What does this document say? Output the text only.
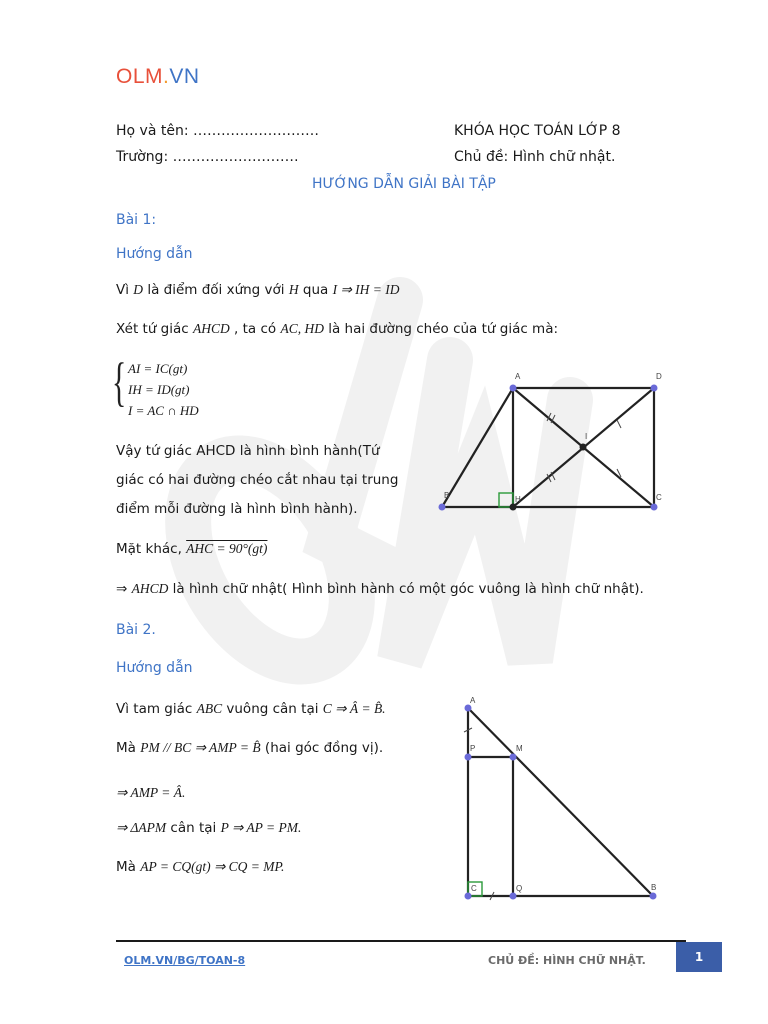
OLM.VN
Họ và tên: ………………………
Trường: ………………………
KHÓA HỌC TOÁN LỚP 8
Chủ đề: Hình chữ nhật.
HƯỚNG DẪN GIẢI BÀI TẬP
Bài 1:
Hướng dẫn
Vì D là điểm đối xứng với H qua I ⇒ IH = ID
Xét tứ giác AHCD , ta có AC, HD là hai đường chéo của tứ giác mà:
{ AI = IC(gt)
IH = ID(gt)
I = AC ∩ HD
Vậy tứ giác AHCD là hình bình hành(Tứ
giác có hai đường chéo cắt nhau tại trung
điểm mỗi đường là hình bình hành).
Mặt khác, AHC = 90°(gt)
⇒ AHCD là hình chữ nhật( Hình bình hành có một góc vuông là hình chữ nhật).
A	D
B	H	C
I
Bài 2.
Hướng dẫn
Vì tam giác ABC vuông cân tại C ⇒ Â = B̂.
Mà PM // BC ⇒ AMP = B̂ (hai góc đồng vị).
⇒ AMP = Â.
⇒ ΔAPM cân tại P ⇒ AP = PM.
Mà AP = CQ(gt) ⇒ CQ = MP.
A
P	M
C	Q	B
OLM.VN/BG/TOAN-8	CHỦ ĐỀ: HÌNH CHỮ NHẬT.	1
